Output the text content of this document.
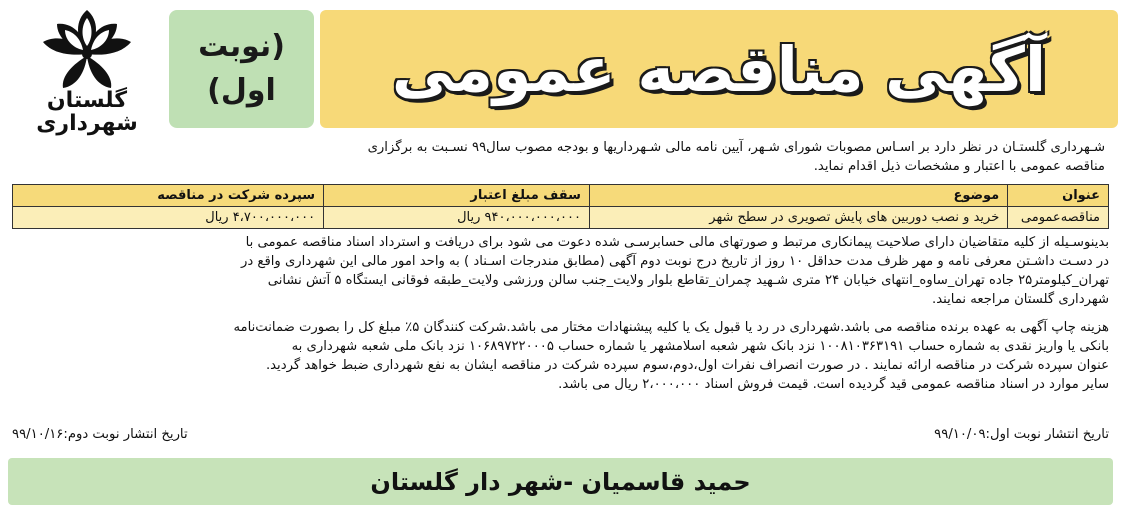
آگهی مناقصه عمومی
(نوبت اول)
گلستان
شهرداری
شـهرداری گلستـان در نظر دارد بر اسـاس مصوبات شورای شـهر، آیین نامه مالی شـهرداریها و بودجه مصوب سال۹۹ نسـبت به برگزاری
مناقصه عمومی با اعتبار و مشخصات ذیل اقدام نماید.
عنوان	موضوع	سقف مبلغ اعتبار	سپرده شرکت در مناقصه
مناقصه‌عمومی	خرید و نصب دوربین های پایش تصویری در سطح شهر	۹۴۰،۰۰۰،۰۰۰،۰۰۰ ریال	۴،۷۰۰،۰۰۰،۰۰۰ ریال
بدینوسـیله از کلیه متقاضیان دارای صلاحیت پیمانکاری مرتبط و صورتهای مالی حسابرسـی شده دعوت می شود برای دریافت و استرداد اسناد مناقصه عمومی با
در دسـت داشـتن معرفی نامه و مهر ظرف مدت حداقل ۱۰ روز از تاریخ درج نوبت دوم آگهی (مطابق مندرجات اسـناد ) به واحد امور مالی این شهرداری واقع در
تهران_کیلومتر۲۵ جاده تهران_ساوه_انتهای خیابان ۲۴ متری شـهید چمران_تقاطع بلوار ولایت_جنب سالن ورزشی ولایت_طبقه فوقانی ایستگاه ۵ آتش نشانی
شهرداری گلستان مراجعه نمایند.
هزینه چاپ آگهی به عهده برنده مناقصه می باشد.شهرداری در رد یا قبول یک یا کلیه پیشنهادات مختار می باشد.شرکت کنندگان ۵٪ مبلغ کل را بصورت ضمانت‌نامه
بانکی یا واریز نقدی به شماره حساب ۱۰۰۸۱۰۳۶۳۱۹۱ نزد بانک شهر شعبه اسلامشهر یا شماره حساب ۱۰۶۸۹۷۲۲۰۰۰۵ نزد بانک ملی شعبه شهرداری به
عنوان سپرده شرکت در مناقصه ارائه نمایند . در صورت انصراف نفرات اول،دوم،سوم سپرده شرکت در مناقصه ایشان به نفع شهرداری ضبط خواهد گردید.
سایر موارد در اسناد مناقصه عمومی قید گردیده است. قیمت فروش اسناد ۲،۰۰۰،۰۰۰ ریال می باشد.
تاریخ انتشار نوبت اول:۹۹/۱۰/۰۹
تاریخ انتشار نوبت دوم:۹۹/۱۰/۱۶
حمید قاسمیان -شهر دار گلستان
